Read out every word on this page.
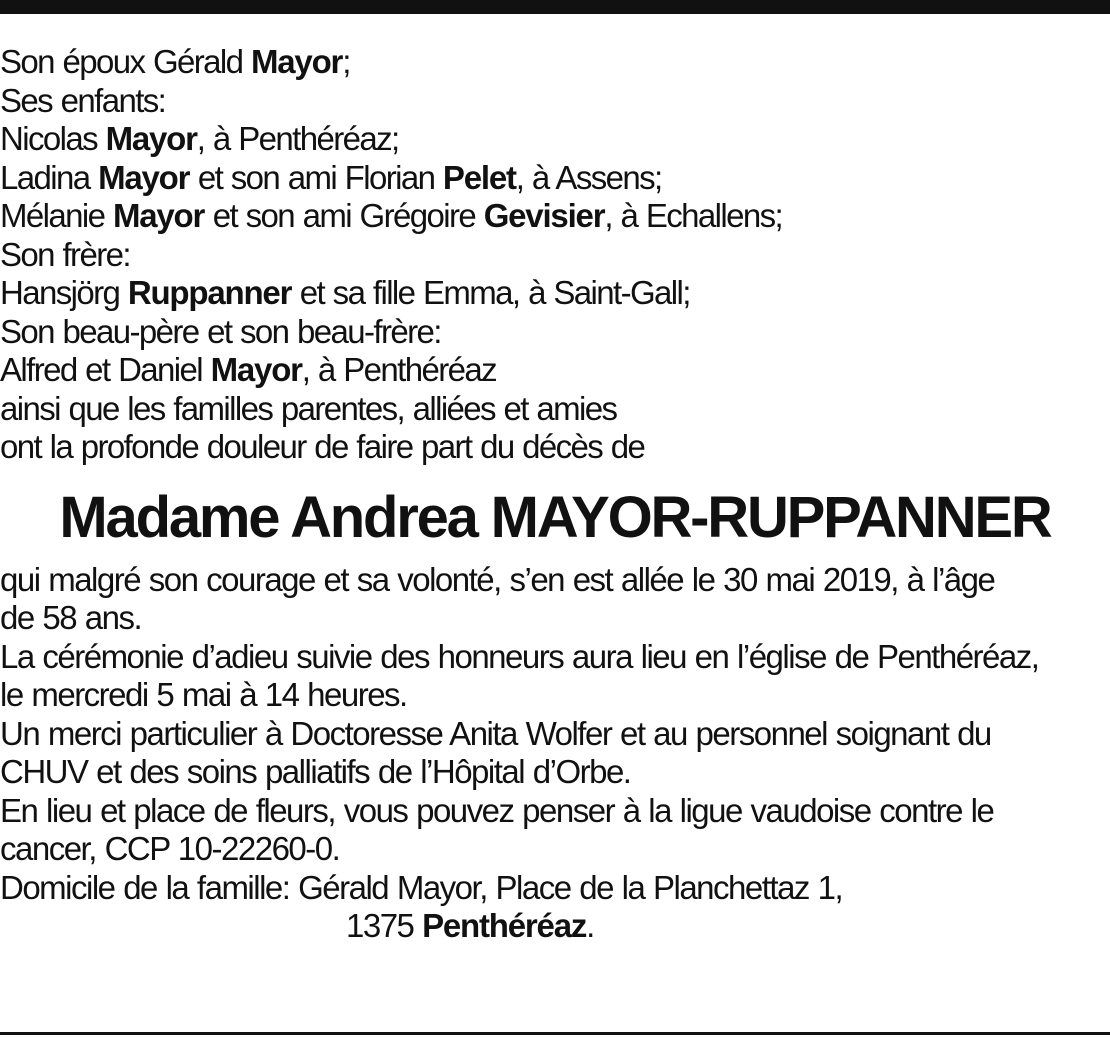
Son époux Gérald Mayor;
Ses enfants:
Nicolas Mayor, à Penthéréaz;
Ladina Mayor et son ami Florian Pelet, à Assens;
Mélanie Mayor et son ami Grégoire Gevisier, à Echallens;
Son frère:
Hansjörg Ruppanner et sa fille Emma, à Saint-Gall;
Son beau-père et son beau-frère:
Alfred et Daniel Mayor, à Penthéréaz
ainsi que les familles parentes, alliées et amies
ont la profonde douleur de faire part du décès de
Madame Andrea MAYOR-RUPPANNER
qui malgré son courage et sa volonté, s’en est allée le 30 mai 2019, à l’âge
de 58 ans.
La cérémonie d’adieu suivie des honneurs aura lieu en l’église de Penthéréaz,
le mercredi 5 mai à 14 heures.
Un merci particulier à Doctoresse Anita Wolfer et au personnel soignant du
CHUV et des soins palliatifs de l’Hôpital d’Orbe.
En lieu et place de fleurs, vous pouvez penser à la ligue vaudoise contre le
cancer, CCP 10-22260-0.
Domicile de la famille: Gérald Mayor, Place de la Planchettaz 1,
1375 Penthéréaz.
